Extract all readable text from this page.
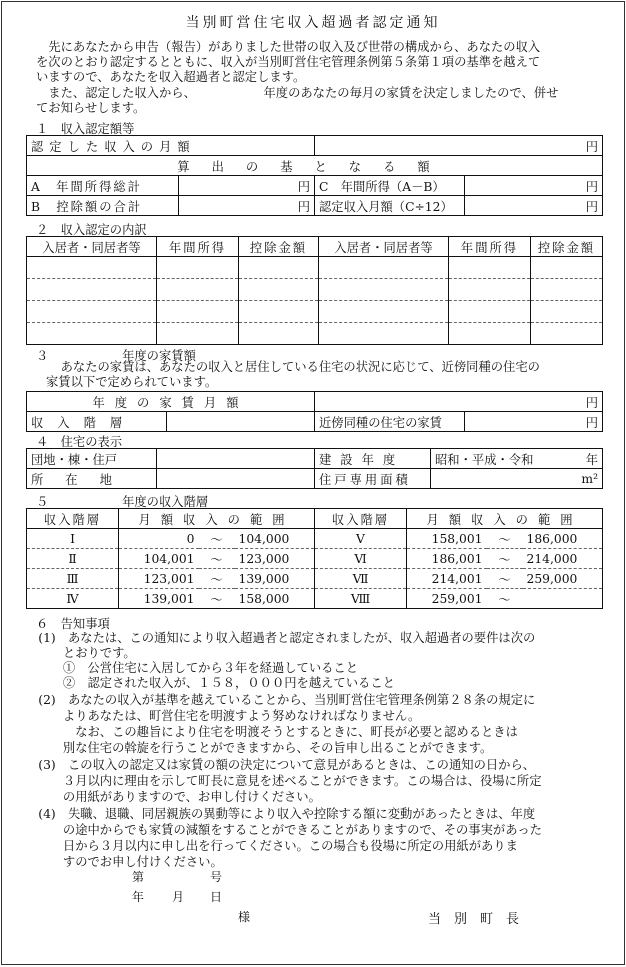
当別町営住宅収入超過者認定通知
　先にあなたから申告（報告）がありました世帯の収入及び世帯の構成から、あなたの収入
を次のとおり認定するとともに、収入が当別町営住宅管理条例第５条第１項の基準を越えて
いますので、あなたを収入超過者と認定します。
　また、認定した収入から、　　　　　　年度のあなたの毎月の家賃を決定しましたので、併せ
てお知らせします。
１　収入認定額等
認定した収入の月額		円	
算出の基となる額			
A　年間所得総計	円	C　年間所得（A－B）	円
B　控除額の合計	円	認定収入月額（C÷12）	円
２　収入認定の内訳
入居者・同居者等	年間所得	控除金額	入居者・同居者等	年間所得	控除金額

３　　　　　　年度の家賃額
　　あなたの家賃は、あなたの収入と居住している住宅の状況に応じて、近傍同種の住宅の
家賃以下で定められています。
年度の家賃月額		円	
収入階層		近傍同種の住宅の家賃	円
４　住宅の表示
団地・棟・住戸		建設年度	昭和・平成・令和 年

所在地		住戸専用面積	m²
５　　　　　　年度の収入階層
収入階層	月額収入の範囲			収入階層	月額収入の範囲		
Ⅰ	0	～	104,000	Ⅴ	158,001	～	186,000
Ⅱ	104,001	～	123,000	Ⅵ	186,001	～	214,000
Ⅲ	123,001	～	139,000	Ⅶ	214,001	～	259,000
Ⅳ	139,001	～	158,000	Ⅷ	259,001	～	
６　告知事項
　(1)　あなたは、この通知により収入超過者と認定されましたが、収入超過者の要件は次の
　　　とおりです。
　　　①　公営住宅に入居してから３年を経過していること
　　　②　認定された収入が、１５８，０００円を越えていること
　(2)　あなたの収入が基準を越えていることから、当別町営住宅管理条例第２８条の規定に
　　　よりあなたは、町営住宅を明渡すよう努めなければなりません。
　　　　なお、この趣旨により住宅を明渡そうとするときに、町長が必要と認めるときは
　　　別な住宅の斡旋を行うことができますから、その旨申し出ることができます。
　(3)　この収入の認定又は家賃の額の決定について意見があるときは、この通知の日から、
　　　３月以内に理由を示して町長に意見を述べることができます。この場合は、役場に所定
　　　の用紙がありますので、お申し付けください。
　(4)　失職、退職、同居親族の異動等により収入や控除する額に変動があったときは、年度
　　　の途中からでも家賃の減額をすることができることがありますので、その事実があった
　　　日から３月以内に申し出を行ってください。この場合も役場に所定の用紙がありま
　　　すのでお申し付けください。
第	号
年 月 日
様	当　別　町　長
